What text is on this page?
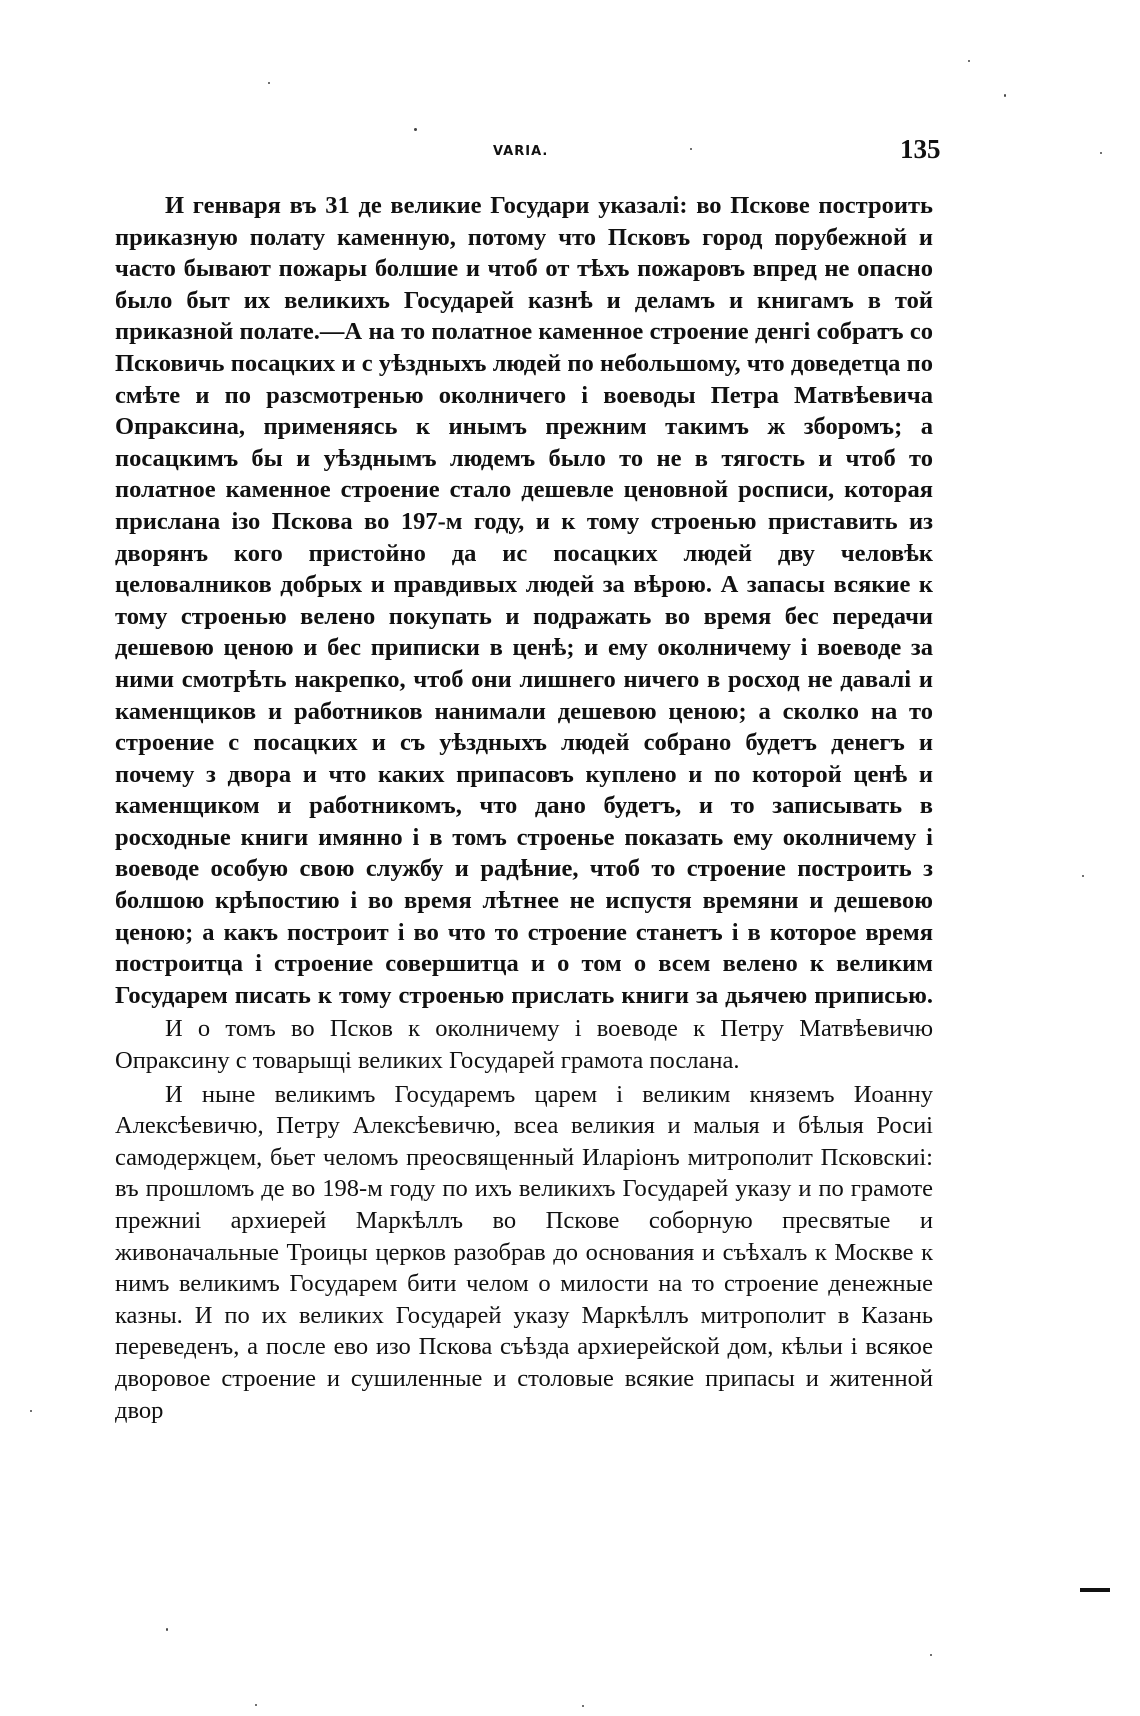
VARIA.	135

И генваря въ 31 де великие Государи указалі: во Пскове построить приказную полату каменную, потому что Псковъ город порубежной и часто бывают пожары болшие и чтоб от тѣхъ пожаровъ впред не опасно было быт их великихъ Государей казнѣ и деламъ и книгамъ в той приказной полате.—А на то полатное каменное строение денгі собратъ со Псковичь посацких и с уѣздныхъ людей по небольшому, что доведетца по смѣте и по разсмотренью околничего і воеводы Петра Матвѣевича Опраксина, применяясь к инымъ прежним такимъ ж зборомъ; а посацкимъ бы и уѣзднымъ людемъ было то не в тягость и чтоб то полатное каменное строение стало дешевле ценовной росписи, которая прислана ізо Пскова во 197-м году, и к тому строенью приставить из дворянъ кого пристойно да ис посацких людей дву человѣк целовалников добрых и правдивых людей за вѣрою. А запасы всякие к тому строенью велено покупать и подражать во время бес передачи дешевою ценою и бес приписки в ценѣ; и ему околничему і воеводе за ними смотрѣть накрепко, чтоб они лишнего ничего в росход не давалі и каменщиков и работников нанимали дешевою ценою; а сколко на то строение с посацких и съ уѣздныхъ людей собрано будетъ денегъ и почему з двора и что каких припасовъ куплено и по которой ценѣ и каменщиком и работникомъ, что дано будетъ, и то записывать в росходные книги имянно і в томъ строенье показать ему околничему і воеводе особую свою службу и радѣние, чтоб то строение построить з болшою крѣпостию і во время лѣтнее не испустя времяни и дешевою ценою; а какъ построит і во что то строение станетъ і в которое время построитца і строение совершитца и о том о всем велено к великим Государем писать к тому строенью прислать книги за дьячею приписью.

И о томъ во Псков к околничему і воеводе к Петру Матвѣевичю Опраксину с товарыщі великих Государей грамота послана.

И ныне великимъ Государемъ царем і великим княземъ Иоанну Алексѣевичю, Петру Алексѣевичю, всеа великия и малыя и бѣлыя Росиі самодержцем, бьет челомъ преосвященный Иларіонъ митрополит Псковскиі: въ прошломъ де во 198-м году по ихъ великихъ Государей указу и по грамоте прежниі архиерей Маркѣллъ во Пскове соборную пресвятые и живоначальные Троицы церков разобрав до основания и съѣхалъ к Москве к нимъ великимъ Государем бити челом о милости на то строение денежные казны. И по их великих Государей указу Маркѣллъ митрополит в Казань переведенъ, а после ево изо Пскова съѣзда архиерейской дом, кѣльи і всякое дворовое строение и сушиленные и столовые всякие припасы и житенной двор
